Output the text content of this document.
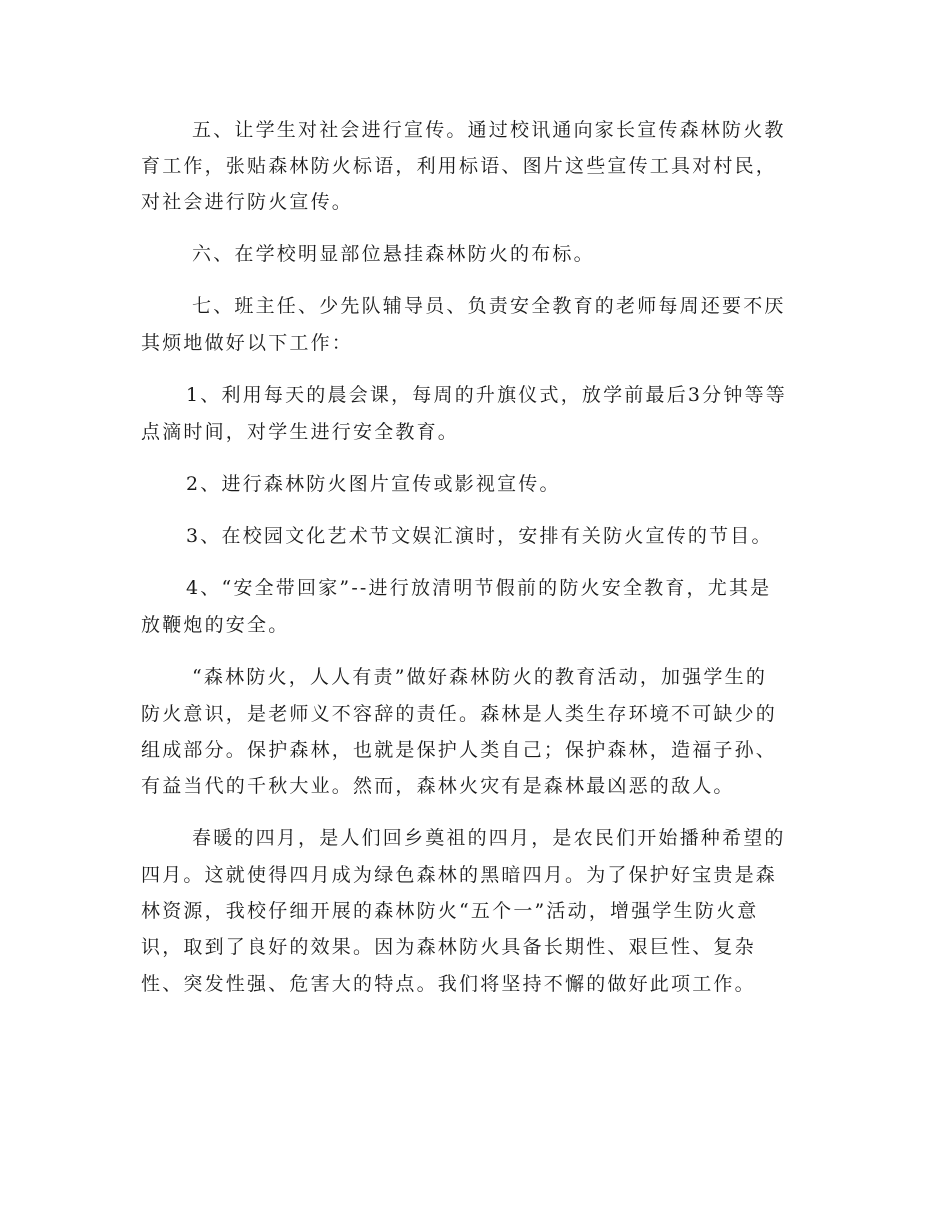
五、让学生对社会进行宣传。通过校讯通向家长宣传森林防火教

育工作，张贴森林防火标语，利用标语、图片这些宣传工具对村民，

对社会进行防火宣传。

六、在学校明显部位悬挂森林防火的布标。

七、班主任、少先队辅导员、负责安全教育的老师每周还要不厌

其烦地做好以下工作：

1、利用每天的晨会课，每周的升旗仪式，放学前最后3分钟等等

点滴时间，对学生进行安全教育。

2、进行森林防火图片宣传或影视宣传。

3、在校园文化艺术节文娱汇演时，安排有关防火宣传的节目。

4、“安全带回家”--进行放清明节假前的防火安全教育，尤其是

放鞭炮的安全。

“森林防火，人人有责”做好森林防火的教育活动，加强学生的

防火意识，是老师义不容辞的责任。森林是人类生存环境不可缺少的

组成部分。保护森林，也就是保护人类自己；保护森林，造福子孙、

有益当代的千秋大业。然而，森林火灾有是森林最凶恶的敌人。

春暖的四月，是人们回乡奠祖的四月，是农民们开始播种希望的

四月。这就使得四月成为绿色森林的黑暗四月。为了保护好宝贵是森

林资源，我校仔细开展的森林防火“五个一”活动，增强学生防火意

识，取到了良好的效果。因为森林防火具备长期性、艰巨性、复杂

性、突发性强、危害大的特点。我们将坚持不懈的做好此项工作。
